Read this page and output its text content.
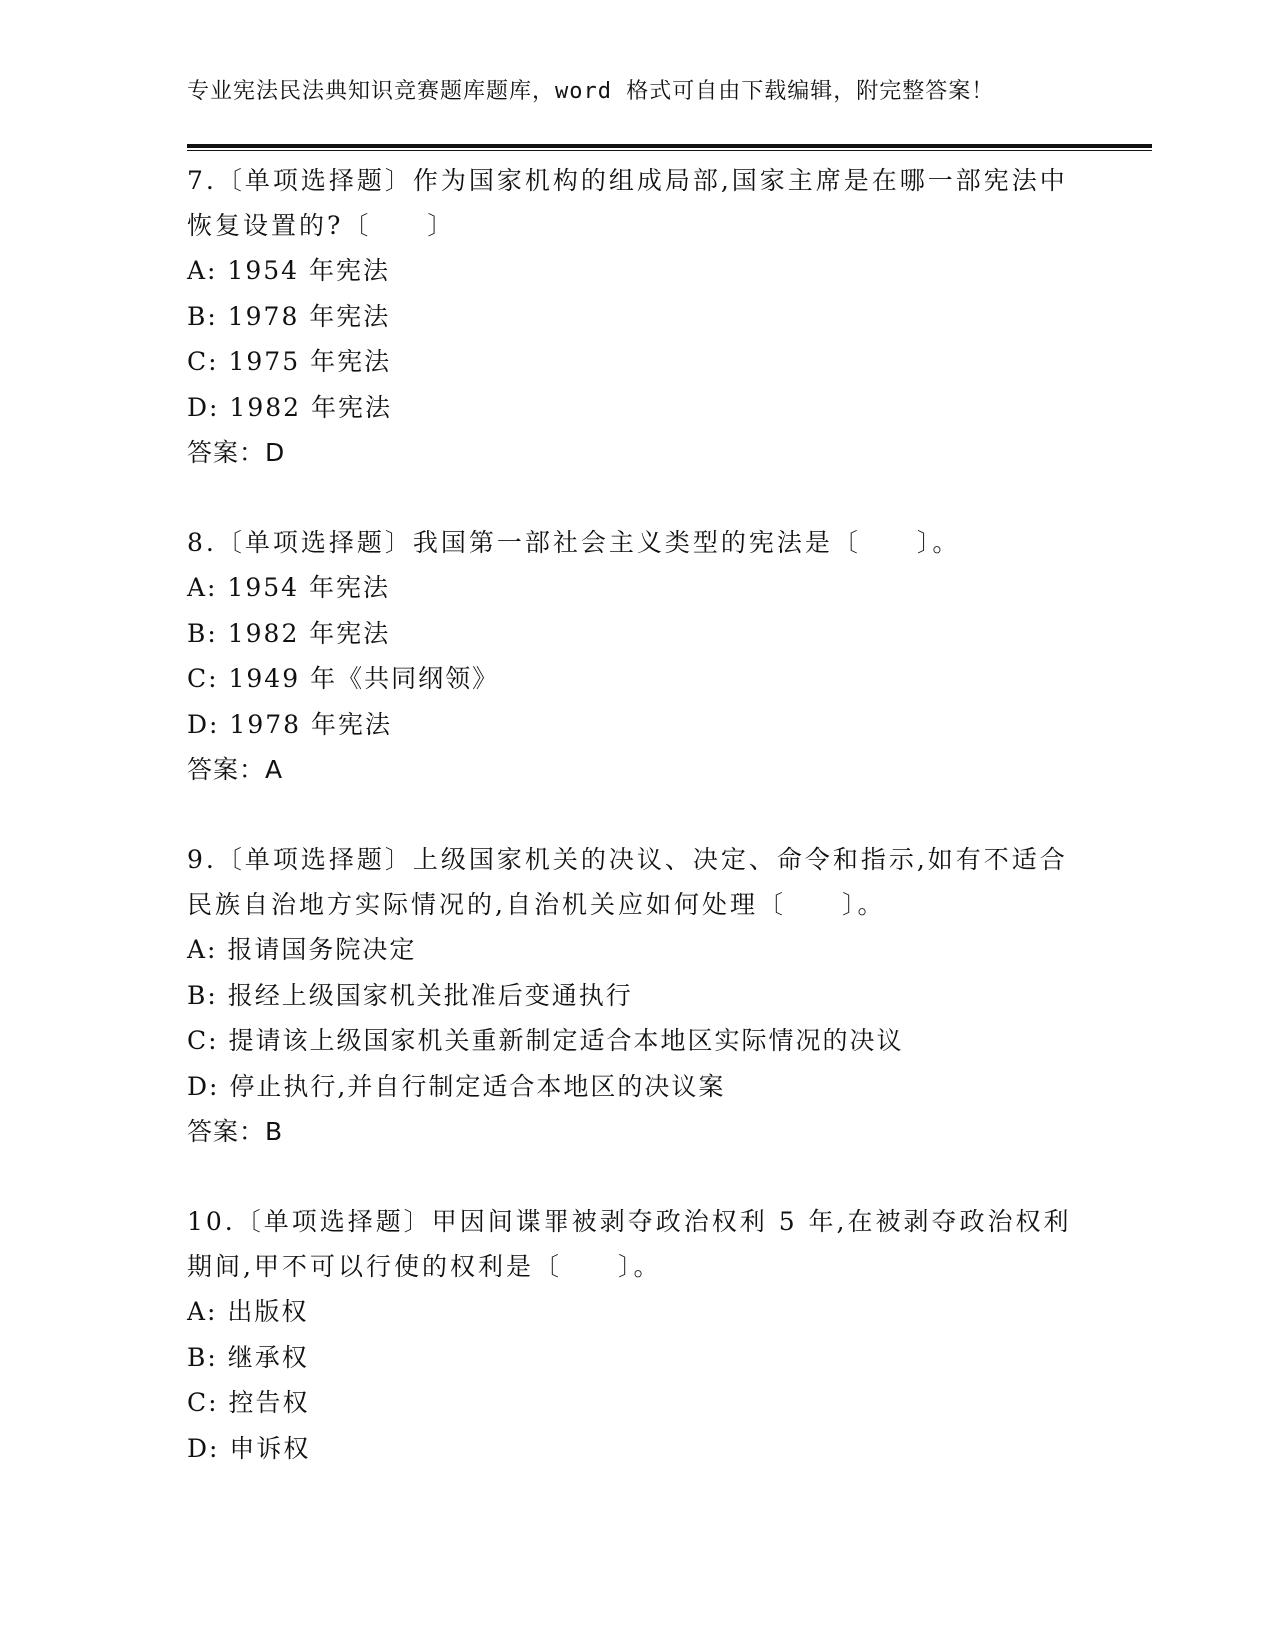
专业宪法民法典知识竞赛题库题库，word 格式可自由下载编辑，附完整答案！
7.〔单项选择题〕作为国家机构的组成局部,国家主席是在哪一部宪法中恢复设置的?〔　　〕
A: 1954 年宪法
B: 1978 年宪法
C: 1975 年宪法
D: 1982 年宪法
答案：D
8.〔单项选择题〕我国第一部社会主义类型的宪法是〔　　〕。
A: 1954 年宪法
B: 1982 年宪法
C: 1949 年《共同纲领》
D: 1978 年宪法
答案：A
9.〔单项选择题〕上级国家机关的决议、决定、命令和指示,如有不适合民族自治地方实际情况的,自治机关应如何处理〔　　〕。
A: 报请国务院决定
B: 报经上级国家机关批准后变通执行
C: 提请该上级国家机关重新制定适合本地区实际情况的决议
D: 停止执行,并自行制定适合本地区的决议案
答案：B
10.〔单项选择题〕甲因间谍罪被剥夺政治权利 5 年,在被剥夺政治权利期间,甲不可以行使的权利是〔　　〕。
A: 出版权
B: 继承权
C: 控告权
D: 申诉权
